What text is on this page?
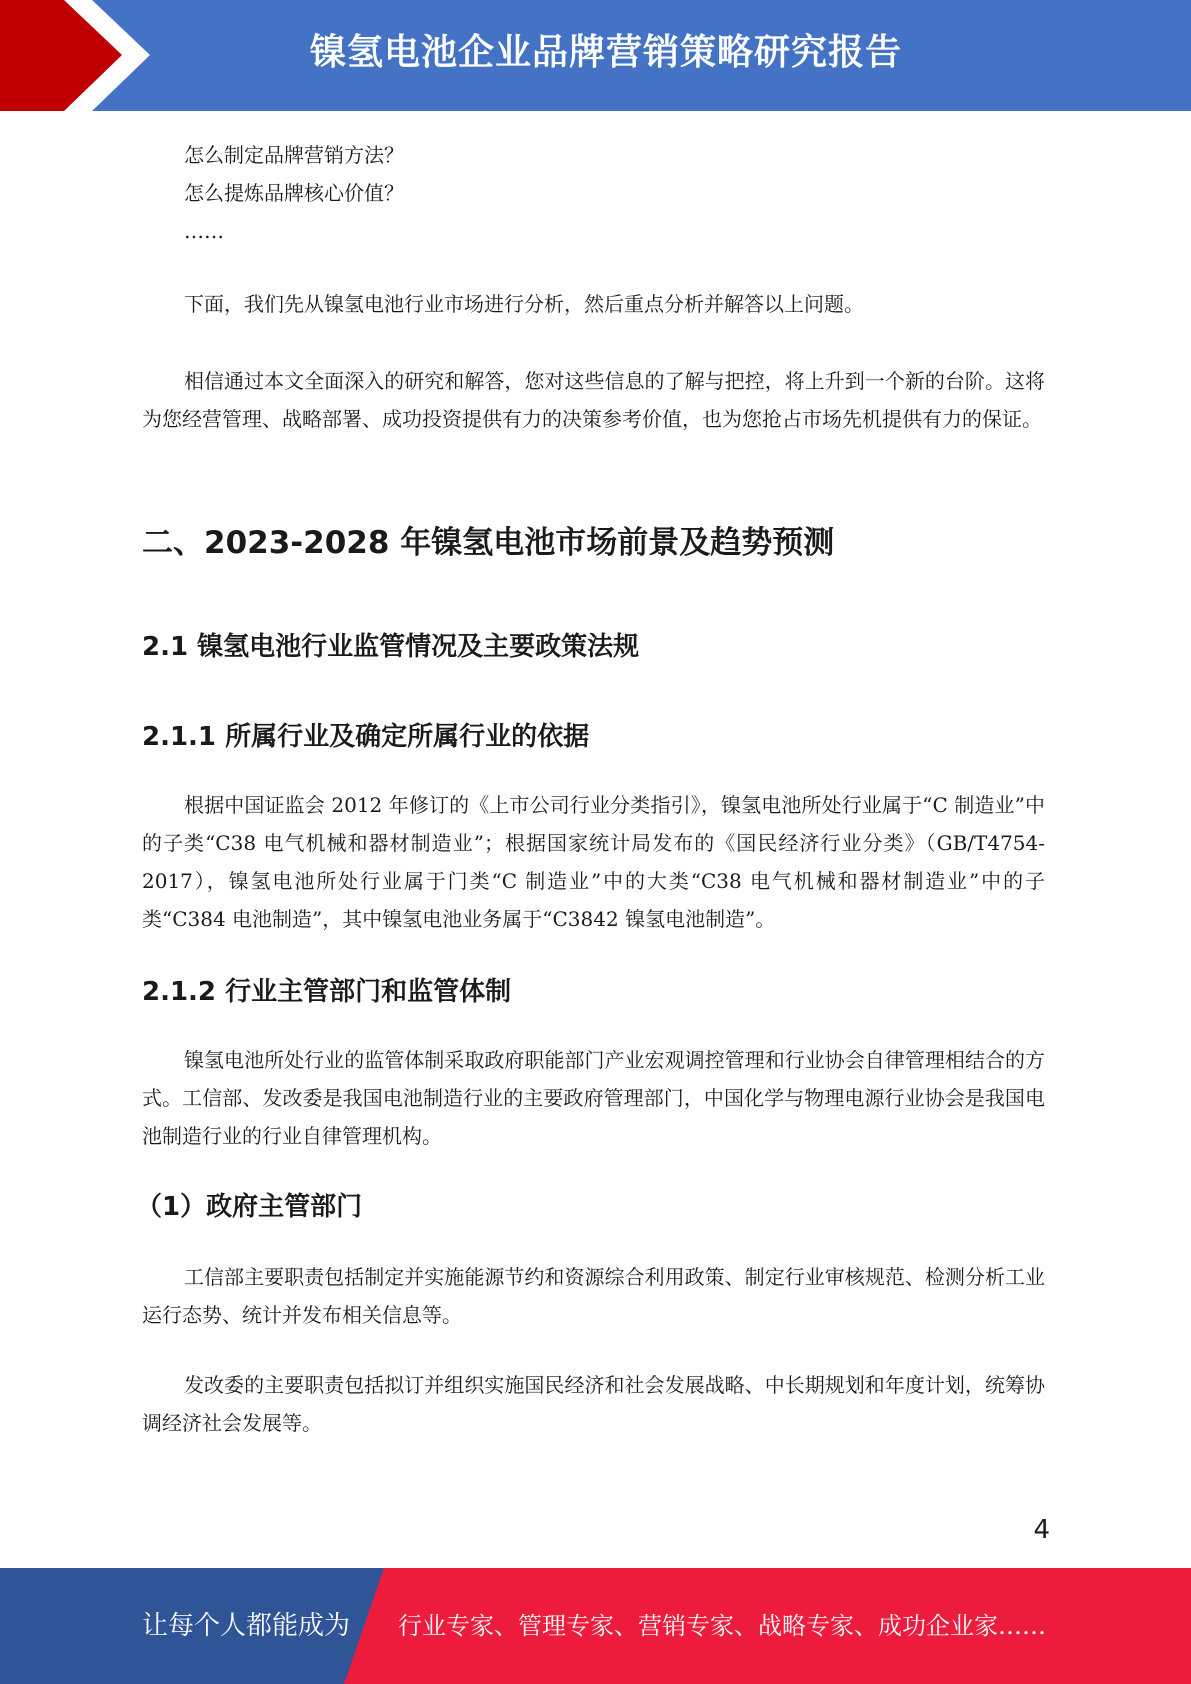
镍氢电池企业品牌营销策略研究报告

怎么制定品牌营销方法？

怎么提炼品牌核心价值？

……

下面，我们先从镍氢电池行业市场进行分析，然后重点分析并解答以上问题。

相信通过本文全面深入的研究和解答，您对这些信息的了解与把控，将上升到一个新的台阶。这将为您经营管理、战略部署、成功投资提供有力的决策参考价值，也为您抢占市场先机提供有力的保证。

二、2023-2028 年镍氢电池市场前景及趋势预测
2.1 镍氢电池行业监管情况及主要政策法规
2.1.1 所属行业及确定所属行业的依据

根据中国证监会 2012 年修订的《上市公司行业分类指引》，镍氢电池所处行业属于“C 制造业”中的子类“C38 电气机械和器材制造业”；根据国家统计局发布的《国民经济行业分类》（GB/T4754-2017），镍氢电池所处行业属于门类“C 制造业”中的大类“C38 电气机械和器材制造业”中的子类“C384 电池制造”，其中镍氢电池业务属于“C3842 镍氢电池制造”。

2.1.2 行业主管部门和监管体制

镍氢电池所处行业的监管体制采取政府职能部门产业宏观调控管理和行业协会自律管理相结合的方式。工信部、发改委是我国电池制造行业的主要政府管理部门，中国化学与物理电源行业协会是我国电池制造行业的行业自律管理机构。

（1）政府主管部门

工信部主要职责包括制定并实施能源节约和资源综合利用政策、制定行业审核规范、检测分析工业运行态势、统计并发布相关信息等。

发改委的主要职责包括拟订并组织实施国民经济和社会发展战略、中长期规划和年度计划，统筹协调经济社会发展等。

4
让每个人都能成为 行业专家、管理专家、营销专家、战略专家、成功企业家……
